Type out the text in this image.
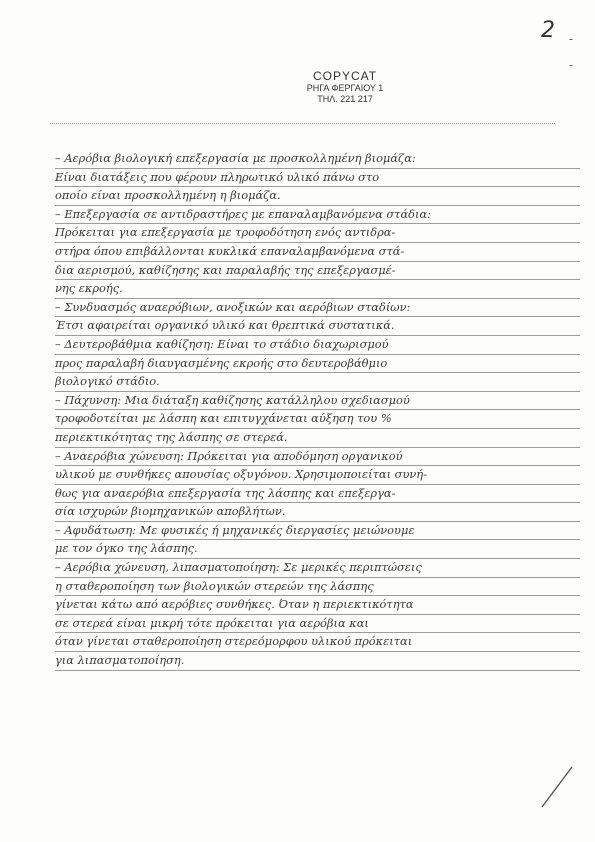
2 -
-
COPYCAT
ΡΗΓΑ ΦΕΡΓΑΙΟΥ 1
ΤΗΛ. 221 217
– Αερόβια βιολογική επεξεργασία με προσκολλημένη βιομάζα:
Είναι διατάξεις που φέρουν πληρωτικό υλικό πάνω στο
οποίο είναι προσκολλημένη η βιομάζα.
– Επεξεργασία σε αντιδραστήρες με επαναλαμβανόμενα στάδια:
Πρόκειται για επεξεργασία με τροφοδότηση ενός αντιδρα-
στήρα όπου επιβάλλονται κυκλικά επαναλαμβανόμενα στά-
δια αερισμού, καθίζησης και παραλαβής της επεξεργασμέ-
νης εκροής.
– Συνδυασμός αναερόβιων, ανοξικών και αερόβιων σταδίων:
Έτσι αφαιρείται οργανικό υλικό και θρεπτικά συστατικά.
– Δευτεροβάθμια καθίζηση: Είναι το στάδιο διαχωρισμού
προς παραλαβή διαυγασμένης εκροής στο δευτεροβάθμιο
βιολογικό στάδιο.
– Πάχυνση: Μια διάταξη καθίζησης κατάλληλου σχεδιασμού
τροφοδοτείται με λάσπη και επιτυγχάνεται αύξηση του %
περιεκτικότητας της λάσπης σε στερεά.
– Αναερόβια χώνευση: Πρόκειται για αποδόμηση οργανικού
υλικού με συνθήκες απουσίας οξυγόνου. Χρησιμοποιείται συνή-
θως για αναερόβια επεξεργασία της λάσπης και επεξεργα-
σία ισχυρών βιομηχανικών αποβλήτων.
– Αφυδάτωση: Με φυσικές ή μηχανικές διεργασίες μειώνουμε
με τον όγκο της λάσπης.
– Αερόβια χώνευση, λιπασματοποίηση: Σε μερικές περιπτώσεις
η σταθεροποίηση των βιολογικών στερεών της λάσπης
γίνεται κάτω από αερόβιες συνθήκες. Όταν η περιεκτικότητα
σε στερεά είναι μικρή τότε πρόκειται για αερόβια και
όταν γίνεται σταθεροποίηση στερεόμορφου υλικού πρόκειται
για λιπασματοποίηση.
